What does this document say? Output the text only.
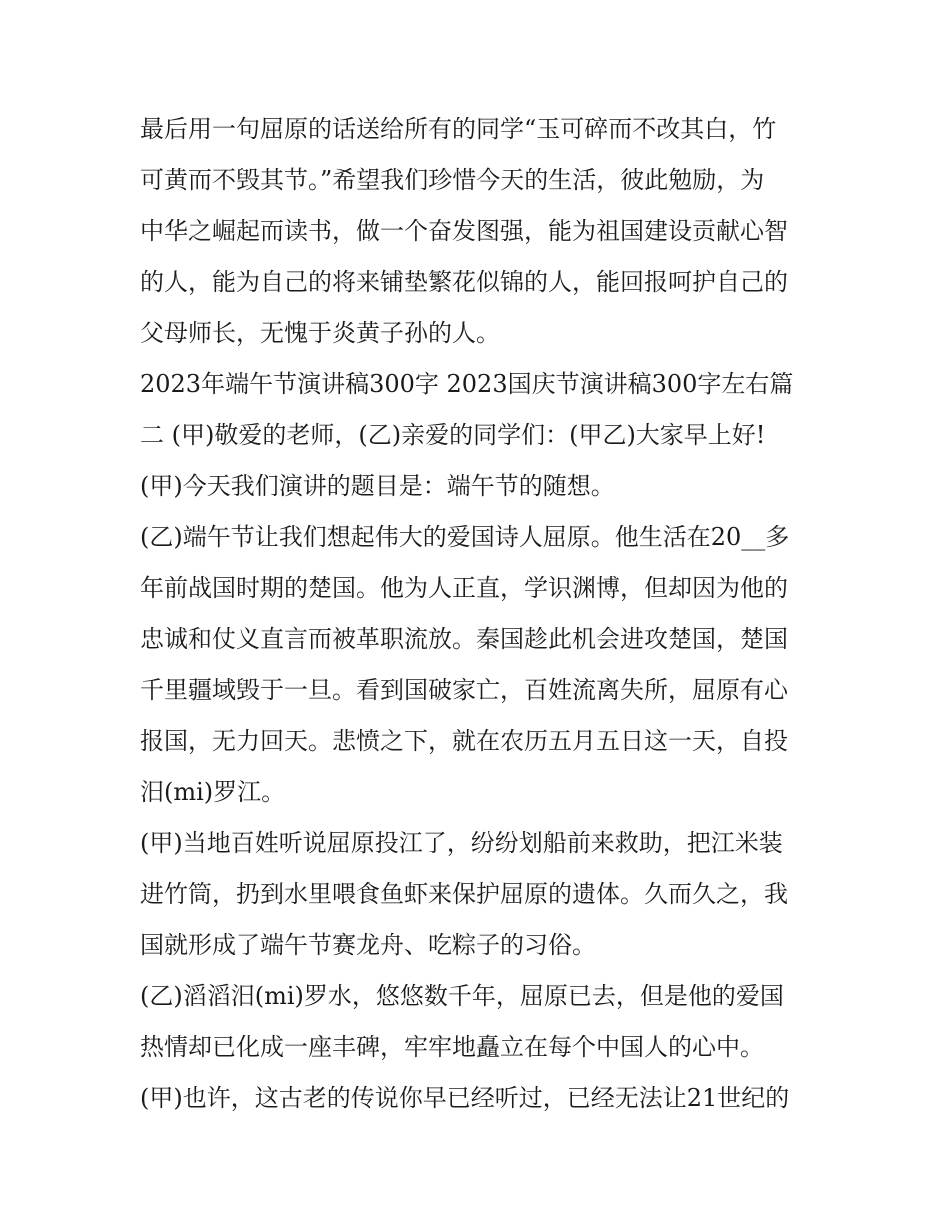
最后用一句屈原的话送给所有的同学“玉可碎而不改其白，竹
可黄而不毁其节。”希望我们珍惜今天的生活，彼此勉励，为
中华之崛起而读书，做一个奋发图强，能为祖国建设贡献心智
的人，能为自己的将来铺垫繁花似锦的人，能回报呵护自己的
父母师长，无愧于炎黄子孙的人。
2023年端午节演讲稿300字 2023国庆节演讲稿300字左右篇
二 (甲)敬爱的老师，(乙)亲爱的同学们：(甲乙)大家早上好!
(甲)今天我们演讲的题目是：端午节的随想。
(乙)端午节让我们想起伟大的爱国诗人屈原。他生活在20__多
年前战国时期的楚国。他为人正直，学识渊博，但却因为他的
忠诚和仗义直言而被革职流放。秦国趁此机会进攻楚国，楚国
千里疆域毁于一旦。看到国破家亡，百姓流离失所，屈原有心
报国，无力回天。悲愤之下，就在农历五月五日这一天，自投
汨(mi)罗江。
(甲)当地百姓听说屈原投江了，纷纷划船前来救助，把江米装
进竹筒，扔到水里喂食鱼虾来保护屈原的遗体。久而久之，我
国就形成了端午节赛龙舟、吃粽子的习俗。
(乙)滔滔汨(mi)罗水，悠悠数千年，屈原已去，但是他的爱国
热情却已化成一座丰碑，牢牢地矗立在每个中国人的心中。
(甲)也许，这古老的传说你早已经听过，已经无法让21世纪的
